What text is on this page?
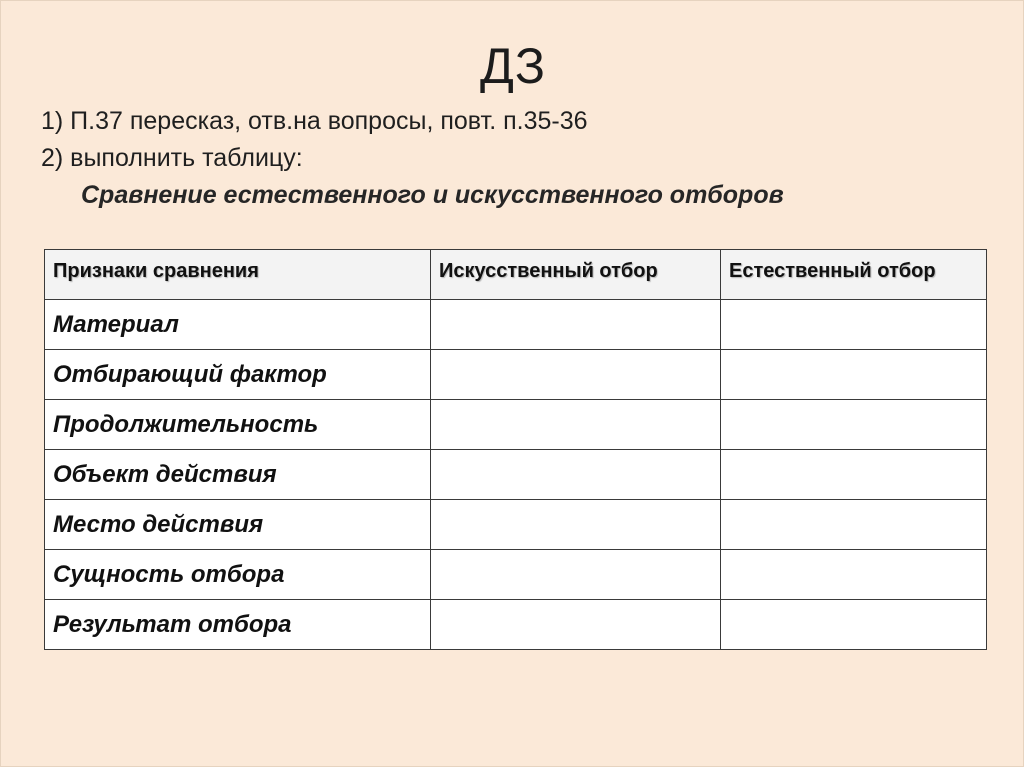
ДЗ
1) П.37 пересказ, отв.на вопросы, повт. п.35-36
2) выполнить таблицу:
Сравнение естественного и искусственного отборов
Признаки сравнения	Искусственный отбор	Естественный отбор
Материал		
Отбирающий фактор		
Продолжительность		
Объект действия		
Место действия		
Сущность отбора		
Результат отбора		
